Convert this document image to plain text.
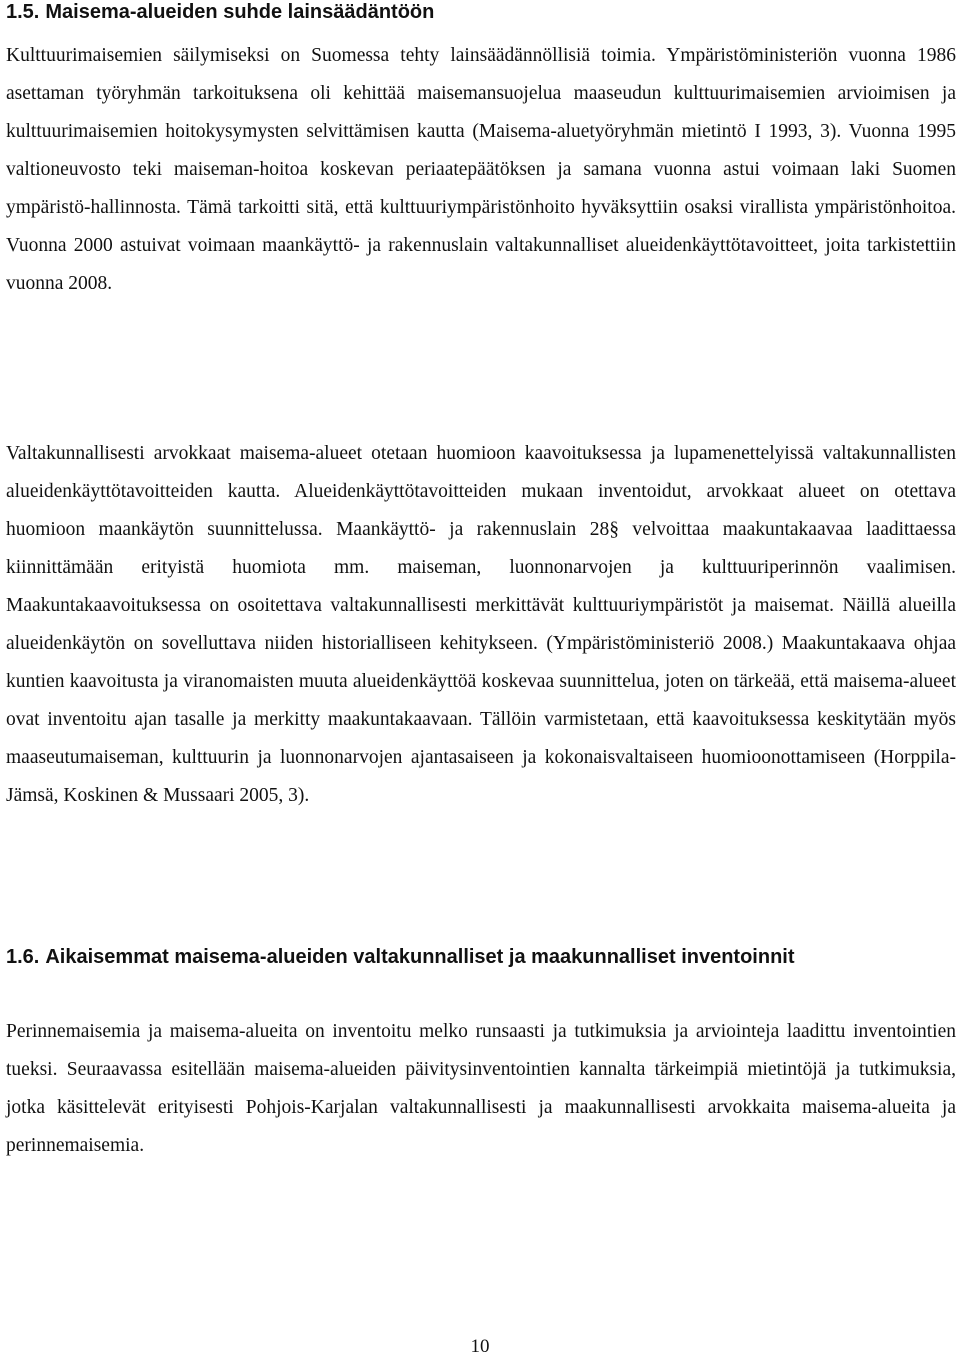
1.5. Maisema-alueiden suhde lainsäädäntöön

Kulttuurimaisemien säilymiseksi on Suomessa tehty lainsäädännöllisiä toimia. Ympäristöministeriön vuonna 1986 asettaman työryhmän tarkoituksena oli kehittää maisemansuojelua maaseudun kulttuurimaisemien arvioimisen ja kulttuurimaisemien hoitokysymysten selvittämisen kautta (Maisema-aluetyöryhmän mietintö I 1993, 3). Vuonna 1995 valtioneuvosto teki maiseman-hoitoa koskevan periaatepäätöksen ja samana vuonna astui voimaan laki Suomen ympäristö-hallinnosta. Tämä tarkoitti sitä, että kulttuuriympäristönhoito hyväksyttiin osaksi virallista ympäristönhoitoa. Vuonna 2000 astuivat voimaan maankäyttö- ja rakennuslain valtakunnalliset alueidenkäyttötavoitteet, joita tarkistettiin vuonna 2008.

Valtakunnallisesti arvokkaat maisema-alueet otetaan huomioon kaavoituksessa ja lupamenettelyissä valtakunnallisten alueidenkäyttötavoitteiden kautta. Alueidenkäyttötavoitteiden mukaan inventoidut, arvokkaat alueet on otettava huomioon maankäytön suunnittelussa. Maankäyttö- ja rakennuslain 28§ velvoittaa maakuntakaavaa laadittaessa kiinnittämään erityistä huomiota mm. maiseman, luonnonarvojen ja kulttuuriperinnön vaalimisen. Maakuntakaavoituksessa on osoitettava valtakunnallisesti merkittävät kulttuuriympäristöt ja maisemat. Näillä alueilla alueidenkäytön on sovelluttava niiden historialliseen kehitykseen. (Ympäristöministeriö 2008.) Maakuntakaava ohjaa kuntien kaavoitusta ja viranomaisten muuta alueidenkäyttöä koskevaa suunnittelua, joten on tärkeää, että maisema-alueet ovat inventoitu ajan tasalle ja merkitty maakuntakaavaan. Tällöin varmistetaan, että kaavoituksessa keskitytään myös maaseutumaiseman, kulttuurin ja luonnonarvojen ajantasaiseen ja kokonaisvaltaiseen huomioonottamiseen (Horppila-Jämsä, Koskinen & Mussaari 2005, 3).

1.6. Aikaisemmat maisema-alueiden valtakunnalliset ja maakunnalliset inventoinnit

Perinnemaisemia ja maisema-alueita on inventoitu melko runsaasti ja tutkimuksia ja arviointeja laadittu inventointien tueksi. Seuraavassa esitellään maisema-alueiden päivitysinventointien kannalta tärkeimpiä mietintöjä ja tutkimuksia, jotka käsittelevät erityisesti Pohjois-Karjalan valtakunnallisesti ja maakunnallisesti arvokkaita maisema-alueita ja perinnemaisemia.

10
